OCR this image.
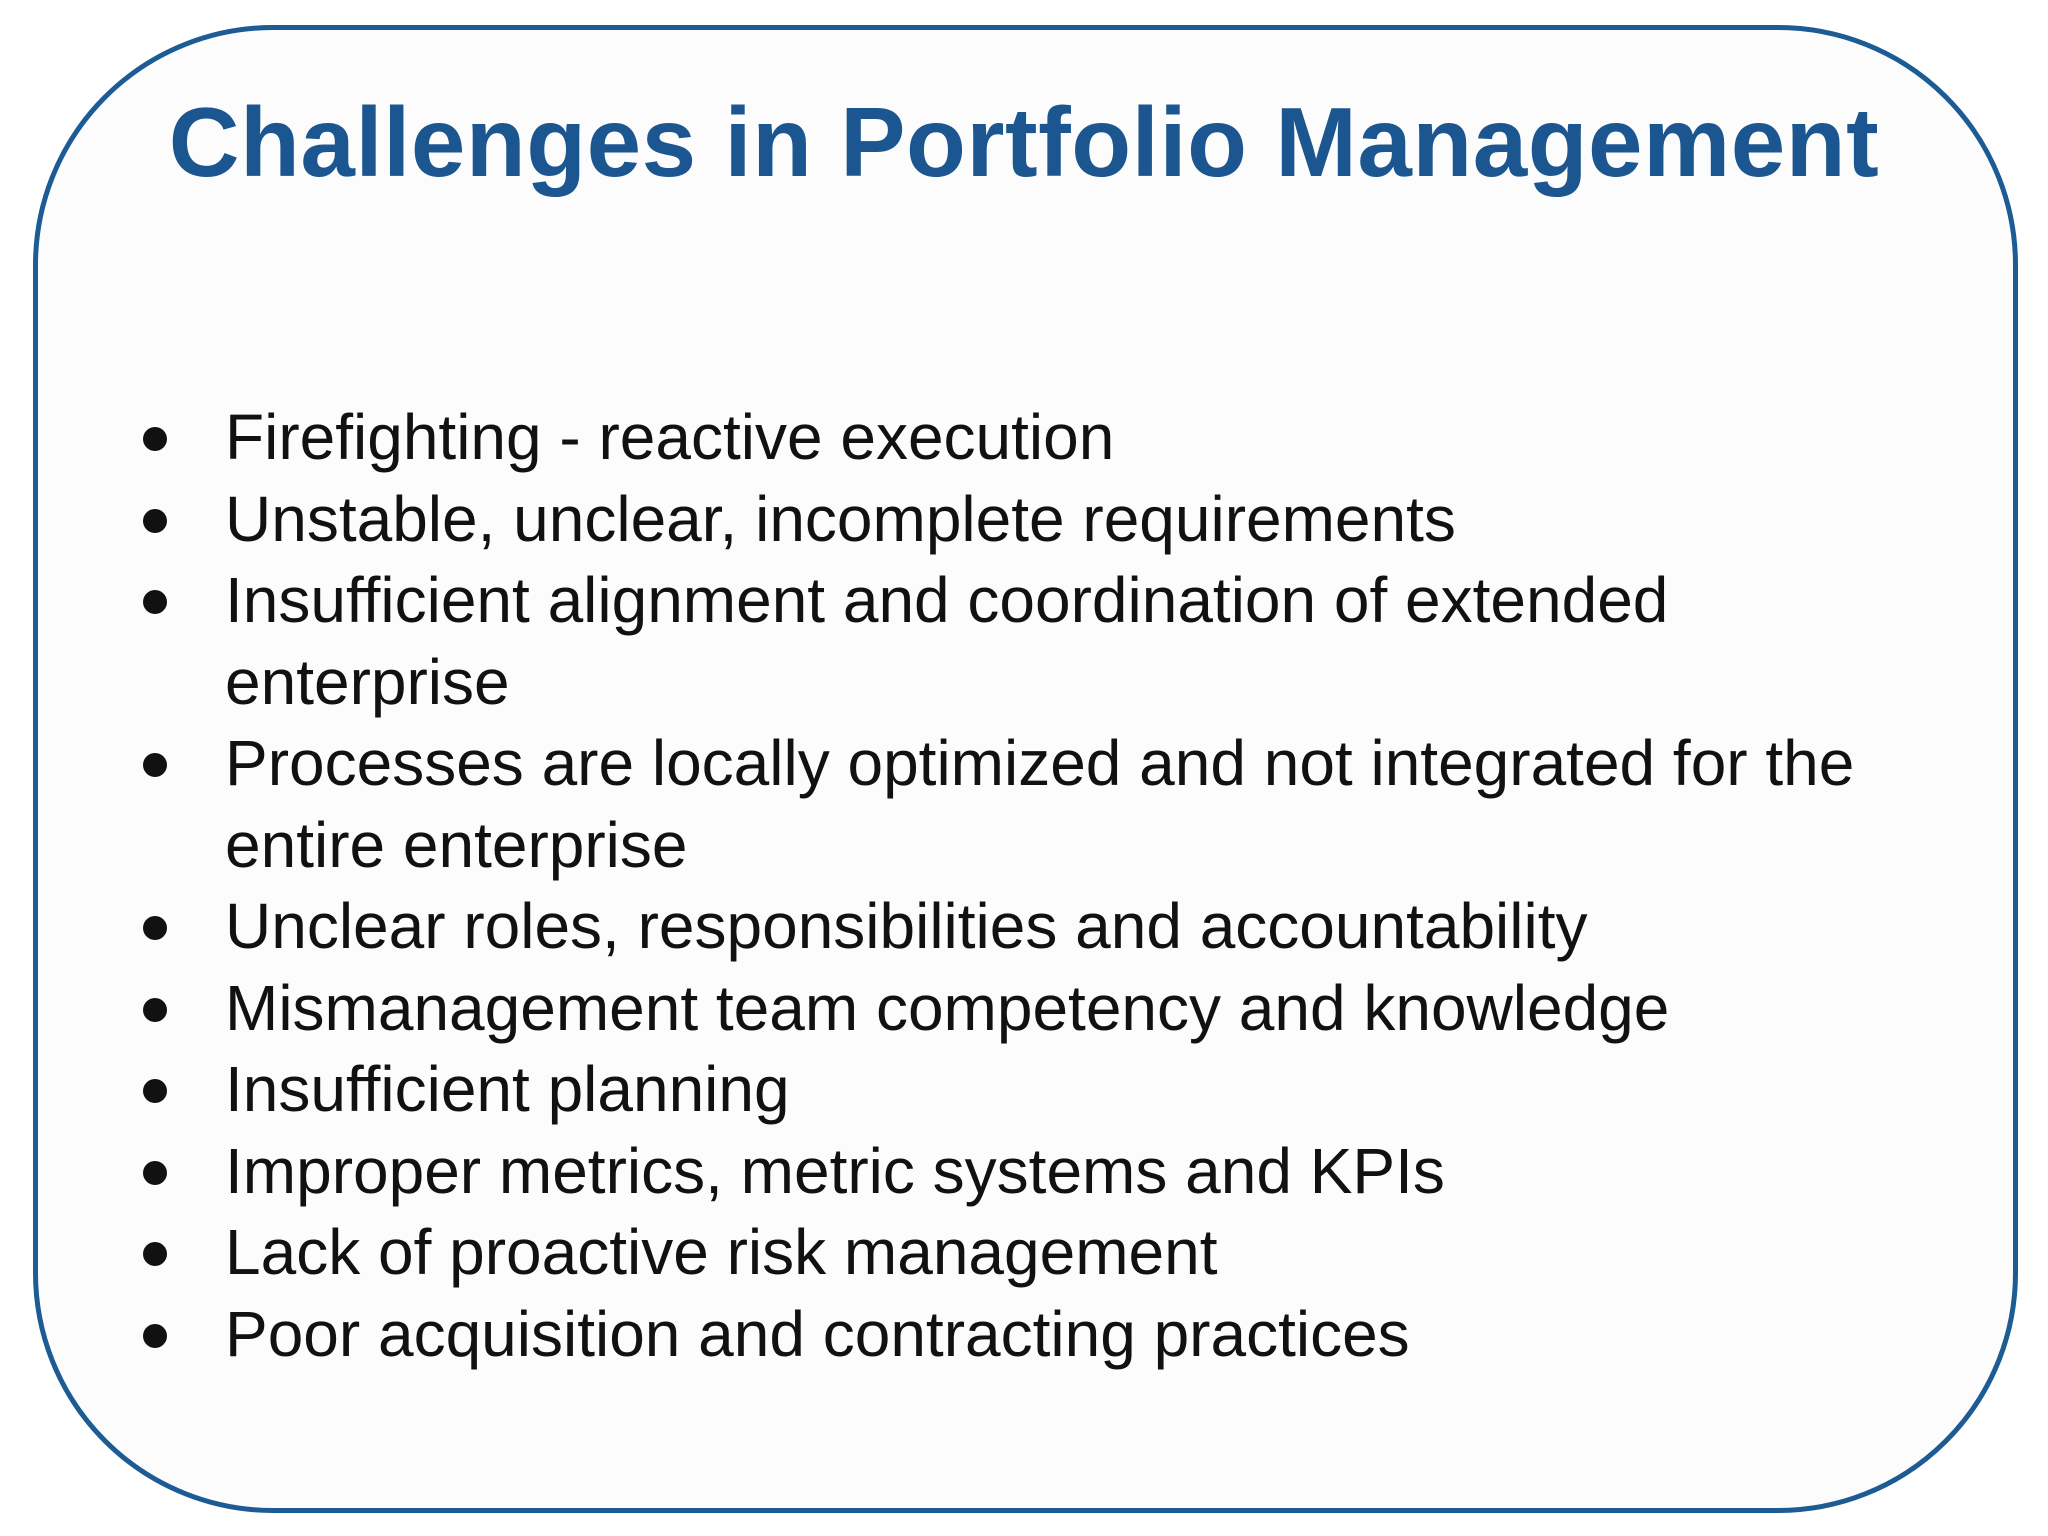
Challenges in Portfolio Management
Firefighting - reactive execution
Unstable, unclear, incomplete requirements
Insufficient alignment and coordination of extended enterprise
Processes are locally optimized and not integrated for the entire enterprise
Unclear roles, responsibilities and accountability
Mismanagement team competency and knowledge
Insufficient planning
Improper metrics, metric systems and KPIs
Lack of proactive risk management
Poor acquisition and contracting practices
